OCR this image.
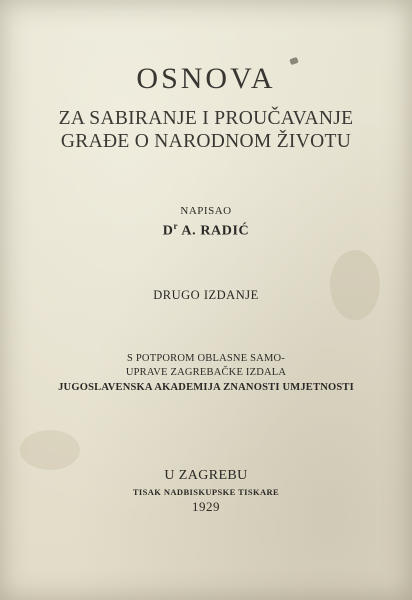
OSNOVA
ZA SABIRANJE I PROUČAVANJE
GRAĐE O NARODNOM ŽIVOTU
NAPISAO
$D^r$ A. RADIĆ
DRUGO IZDANJE
S POTPOROM OBLASNE SAMO-
UPRAVE ZAGREBAČKE IZDALA
JUGOSLAVENSKA AKADEMIJA ZNANOSTI UMJETNOSTI
U ZAGREBU
TISAK NADBISKUPSKE TISKARE
1929
